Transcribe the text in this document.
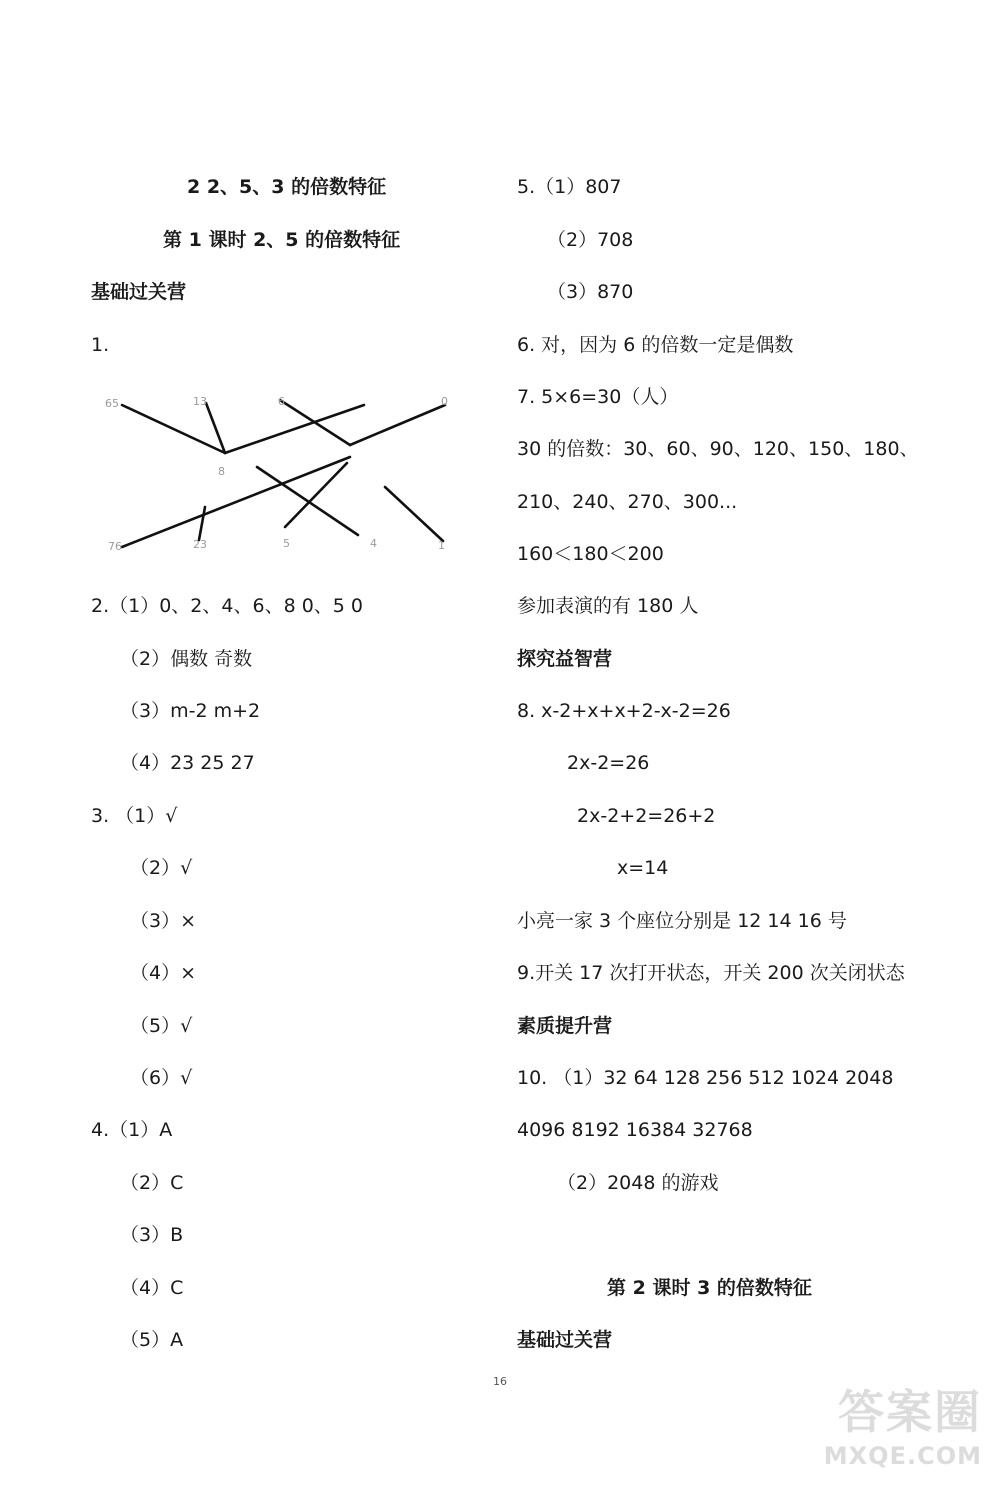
2 2、5、3 的倍数特征
第 1 课时 2、5 的倍数特征
基础过关营
1.
65	13	6	0
76	23	5	4
8
1
2.（1）0、2、4、6、8 0、5 0
（2）偶数 奇数
（3）m-2 m+2
（4）23 25 27
3. （1）√
（2）√
（3）×
（4）×
（5）√
（6）√
4.（1）A
（2）C
（3）B
（4）C
（5）A
5.（1）807
（2）708
（3）870
6. 对，因为 6 的倍数一定是偶数
7. 5×6=30（人）
30 的倍数：30、60、90、120、150、180、
210、240、270、300...
160＜180＜200
参加表演的有 180 人
探究益智营
8. x-2+x+x+2-x-2=26
2x-2=26
2x-2+2=26+2
x=14
小亮一家 3 个座位分别是 12 14 16 号
9.开关 17 次打开状态，开关 200 次关闭状态
素质提升营
10. （1）32 64 128 256 512 1024 2048
4096 8192 16384 32768
（2）2048 的游戏
第 2 课时 3 的倍数特征
基础过关营
16
答案圈
MXQE.COM
